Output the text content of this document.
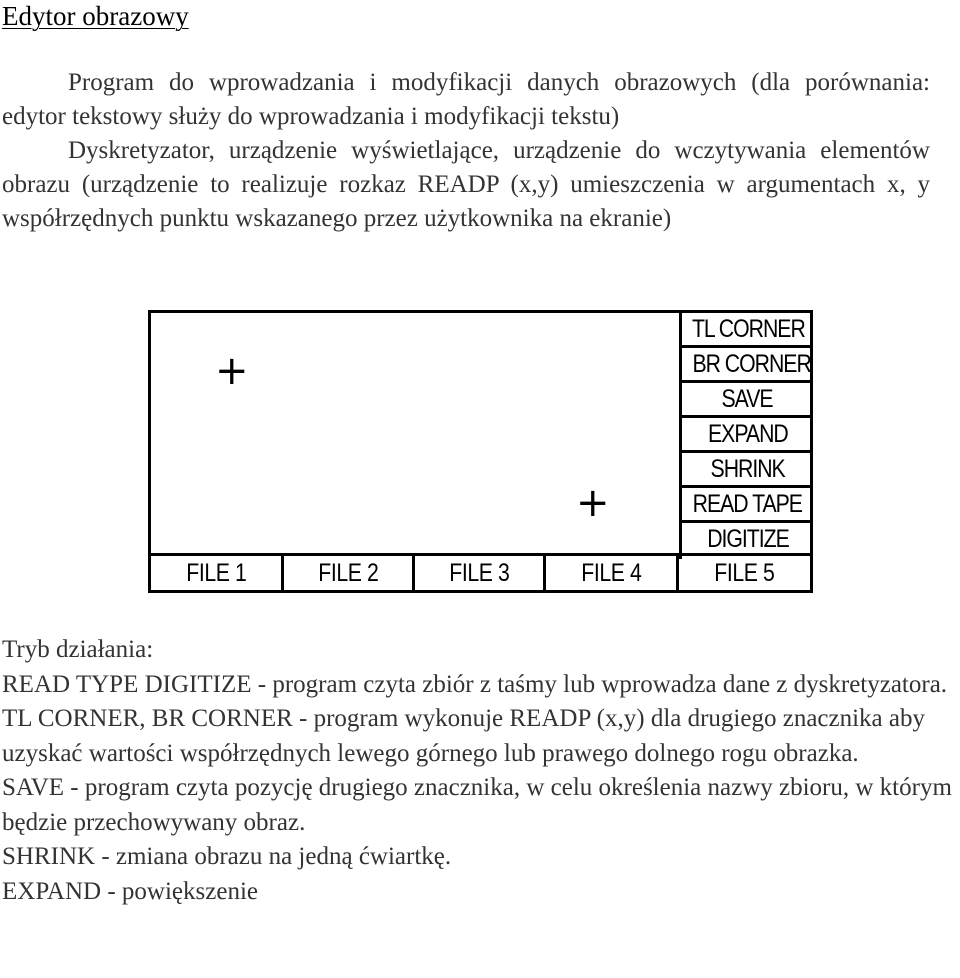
Edytor obrazowy
Program do wprowadzania i modyfikacji danych obrazowych (dla porównania: edytor tekstowy służy do wprowadzania i modyfikacji tekstu)
Dyskretyzator, urządzenie wyświetlające, urządzenie do wczytywania elementów obrazu (urządzenie to realizuje rozkaz READP (x,y) umieszczenia w argumentach x, y współrzędnych punktu wskazanego przez użytkownika na ekranie)
+
+
TL CORNER
BR CORNER
SAVE
EXPAND
SHRINK
READ TAPE
DIGITIZE
FILE 1	FILE 2	FILE 3	FILE 4	FILE 5
Tryb działania:
READ TYPE DIGITIZE - program czyta zbiór z taśmy lub wprowadza dane z dyskretyzatora.
TL CORNER, BR CORNER - program wykonuje READP (x,y) dla drugiego znacznika aby uzyskać wartości współrzędnych lewego górnego lub prawego dolnego rogu obrazka.
SAVE - program czyta pozycję drugiego znacznika, w celu określenia nazwy zbioru, w którym będzie przechowywany obraz.
SHRINK - zmiana obrazu na jedną ćwiartkę.
EXPAND - powiększenie
